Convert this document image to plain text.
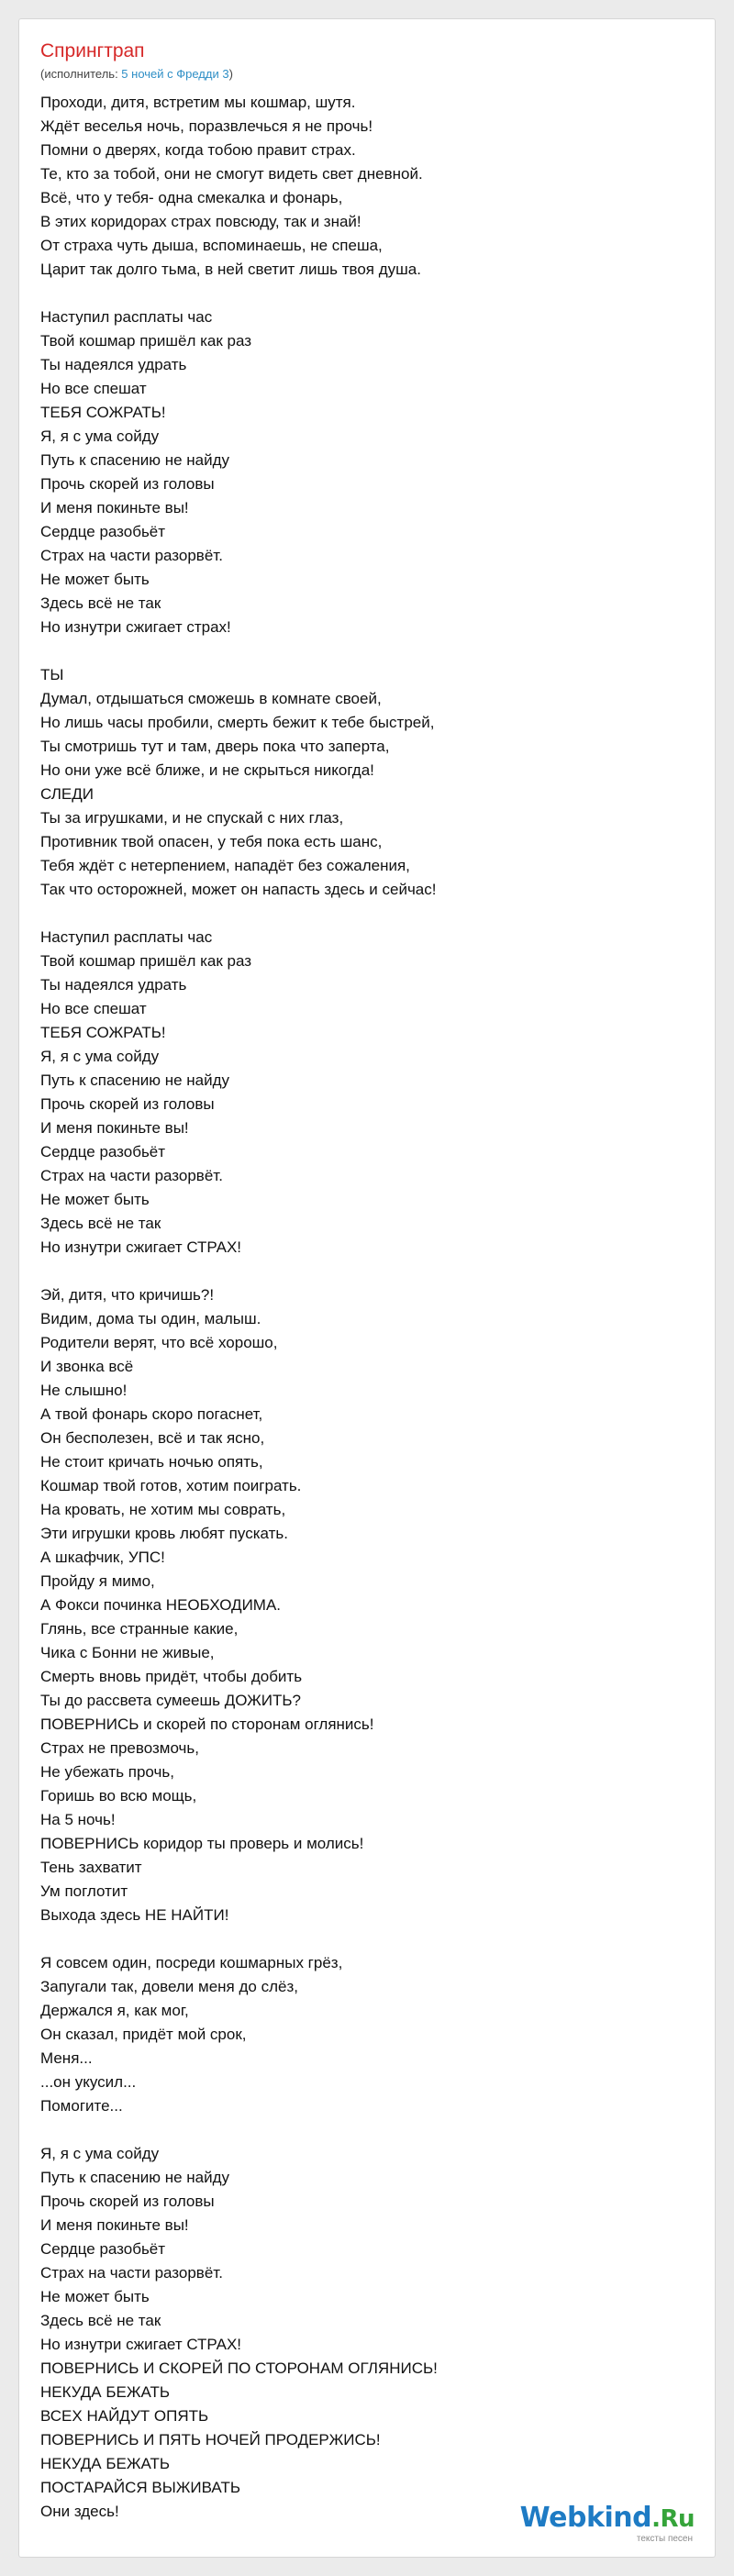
Спрингтрап
(исполнитель: 5 ночей с Фредди 3)
Проходи, дитя, встретим мы кошмар, шутя.
Ждёт веселья ночь, поразвлечься я не прочь!
Помни о дверях, когда тобою правит страх.
Те, кто за тобой, они не смогут видеть свет дневной.
Всё, что у тебя- одна смекалка и фонарь,
В этих коридорах страх повсюду, так и знай!
От страха чуть дыша, вспоминаешь, не спеша,
Царит так долго тьма, в ней светит лишь твоя душа.
Наступил расплаты час
Твой кошмар пришёл как раз
Ты надеялся удрать
Но все спешат
ТЕБЯ СОЖРАТЬ!
Я, я с ума сойду
Путь к спасению не найду
Прочь скорей из головы
И меня покиньте вы!
Сердце разобьёт
Страх на части разорвёт.
Не может быть
Здесь всё не так
Но изнутри сжигает страх!
ТЫ
Думал, отдышаться сможешь в комнате своей,
Но лишь часы пробили, смерть бежит к тебе быстрей,
Ты смотришь тут и там, дверь пока что заперта,
Но они уже всё ближе, и не скрыться никогда!
СЛЕДИ
Ты за игрушками, и не спускай с них глаз,
Противник твой опасен, у тебя пока есть шанс,
Тебя ждёт с нетерпением, нападёт без сожаления,
Так что осторожней, может он напасть здесь и сейчас!
Наступил расплаты час
Твой кошмар пришёл как раз
Ты надеялся удрать
Но все спешат
ТЕБЯ СОЖРАТЬ!
Я, я с ума сойду
Путь к спасению не найду
Прочь скорей из головы
И меня покиньте вы!
Сердце разобьёт
Страх на части разорвёт.
Не может быть
Здесь всё не так
Но изнутри сжигает СТРАХ!
Эй, дитя, что кричишь?!
Видим, дома ты один, малыш.
Родители верят, что всё хорошо,
И звонка всё
Не слышно!
А твой фонарь скоро погаснет,
Он бесполезен, всё и так ясно,
Не стоит кричать ночью опять,
Кошмар твой готов, хотим поиграть.
На кровать, не хотим мы соврать,
Эти игрушки кровь любят пускать.
А шкафчик, УПС!
Пройду я мимо,
А Фокси починка НЕОБХОДИМА.
Глянь, все странные какие,
Чика с Бонни не живые,
Смерть вновь придёт, чтобы добить
Ты до рассвета сумеешь ДОЖИТЬ?
ПОВЕРНИСЬ и скорей по сторонам оглянись!
Страх не превозмочь,
Не убежать прочь,
Горишь во всю мощь,
На 5 ночь!
ПОВЕРНИСЬ коридор ты проверь и молись!
Тень захватит
Ум поглотит
Выхода здесь НЕ НАЙТИ!
Я совсем один, посреди кошмарных грёз,
Запугали так, довели меня до слёз,
Держался я, как мог,
Он сказал, придёт мой срок,
Меня...
...он укусил...
Помогите...
Я, я с ума сойду
Путь к спасению не найду
Прочь скорей из головы
И меня покиньте вы!
Сердце разобьёт
Страх на части разорвёт.
Не может быть
Здесь всё не так
Но изнутри сжигает СТРАХ!
ПОВЕРНИСЬ И СКОРЕЙ ПО СТОРОНАМ ОГЛЯНИСЬ!
НЕКУДА БЕЖАТЬ
ВСЕХ НАЙДУТ ОПЯТЬ
ПОВЕРНИСЬ И ПЯТЬ НОЧЕЙ ПРОДЕРЖИСЬ!
НЕКУДА БЕЖАТЬ
ПОСТАРАЙСЯ ВЫЖИВАТЬ
Они здесь!	Webkind.Ru
тексты песен
